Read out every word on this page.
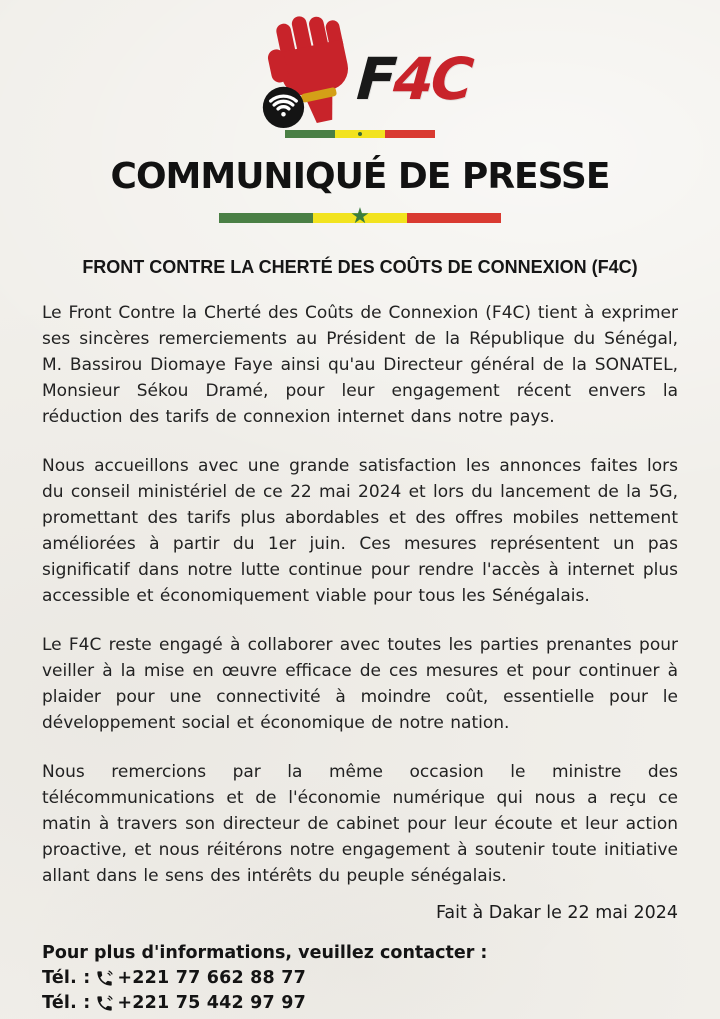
F4C
COMMUNIQUÉ DE PRESSE
★
FRONT CONTRE LA CHERTÉ DES COÛTS DE CONNEXION (F4C)

Le Front Contre la Cherté des Coûts de Connexion (F4C) tient à exprimer ses sincères remerciements au Président de la République du Sénégal, M. Bassirou Diomaye Faye ainsi qu'au Directeur général de la SONATEL, Monsieur Sékou Dramé, pour leur engagement récent envers la réduction des tarifs de connexion internet dans notre pays.

Nous accueillons avec une grande satisfaction les annonces faites lors du conseil ministériel de ce 22 mai 2024 et lors du lancement de la 5G, promettant des tarifs plus abordables et des offres mobiles nettement améliorées à partir du 1er juin. Ces mesures représentent un pas significatif dans notre lutte continue pour rendre l'accès à internet plus accessible et économiquement viable pour tous les Sénégalais.

Le F4C reste engagé à collaborer avec toutes les parties prenantes pour veiller à la mise en œuvre efficace de ces mesures et pour continuer à plaider pour une connectivité à moindre coût, essentielle pour le développement social et économique de notre nation.

Nous remercions par la même occasion le ministre des télécommunications et de l'économie numérique qui nous a reçu ce matin à travers son directeur de cabinet pour leur écoute et leur action proactive, et nous réitérons notre engagement à soutenir toute initiative allant dans le sens des intérêts du peuple sénégalais.

Fait à Dakar le 22 mai 2024
Pour plus d'informations, veuillez contacter :
Tél. : +221 77 662 88 77
Tél. : +221 75 442 97 97
